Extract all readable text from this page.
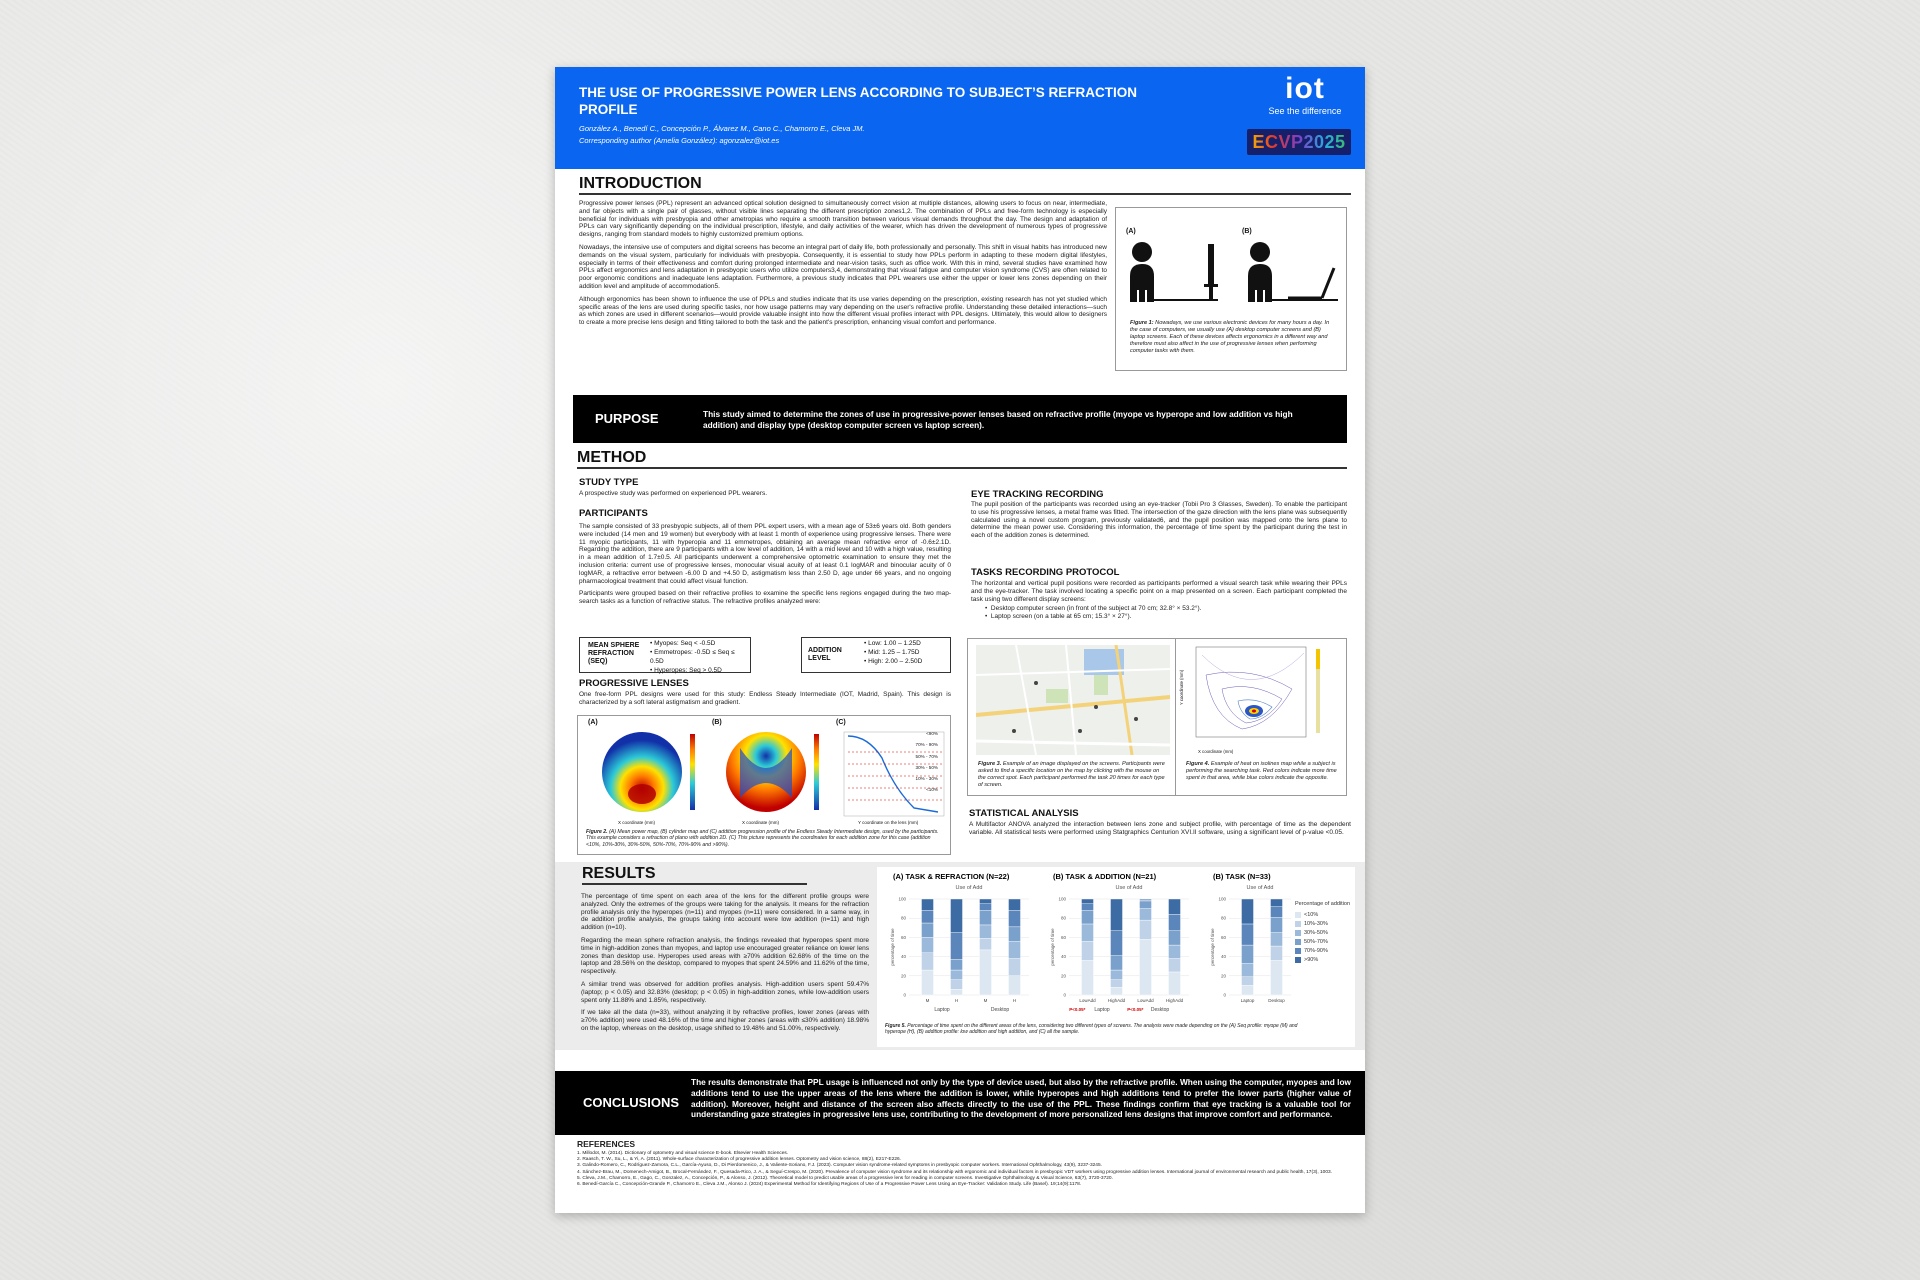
THE USE OF PROGRESSIVE POWER LENS ACCORDING TO SUBJECT’S REFRACTION PROFILE
González A., Benedí C., Concepción P., Álvarez M., Cano C., Chamorro E., Cleva JM.
Corresponding author (Amelia González): agonzalez@iot.es
iot
See the difference
ECVP2025
INTRODUCTION

Progressive power lenses (PPL) represent an advanced optical solution designed to simultaneously correct vision at multiple distances, allowing users to focus on near, intermediate, and far objects with a single pair of glasses, without visible lines separating the different prescription zones1,2. The combination of PPLs and free-form technology is especially beneficial for individuals with presbyopia and other ametropias who require a smooth transition between various visual demands throughout the day. The design and adaptation of PPLs can vary significantly depending on the individual prescription, lifestyle, and daily activities of the wearer, which has driven the development of numerous types of progressive designs, ranging from standard models to highly customized premium options.

Nowadays, the intensive use of computers and digital screens has become an integral part of daily life, both professionally and personally. This shift in visual habits has introduced new demands on the visual system, particularly for individuals with presbyopia. Consequently, it is essential to study how PPLs perform in adapting to these modern digital lifestyles, especially in terms of their effectiveness and comfort during prolonged intermediate and near-vision tasks, such as office work. With this in mind, several studies have examined how PPLs affect ergonomics and lens adaptation in presbyopic users who utilize computers3,4, demonstrating that visual fatigue and computer vision syndrome (CVS) are often related to poor ergonomic conditions and inadequate lens adaptation. Furthermore, a previous study indicates that PPL wearers use either the upper or lower lens zones depending on their addition level and amplitude of accommodation5.

Although ergonomics has been shown to influence the use of PPLs and studies indicate that its use varies depending on the prescription, existing research has not yet studied which specific areas of the lens are used during specific tasks, nor how usage patterns may vary depending on the user's refractive profile. Understanding these detailed interactions—such as which zones are used in different scenarios—would provide valuable insight into how the different visual profiles interact with PPL designs. Ultimately, this would allow to designers to create a more precise lens design and fitting tailored to both the task and the patient's prescription, enhancing visual comfort and performance.

(A)	(B)
Figure 1: Nowadays, we use various electronic devices for many hours a day. In the case of computers, we usually use (A) desktop computer screens and (B) laptop screens. Each of these devices affects ergonomics in a different way and therefore must also affect in the use of progressive lenses when performing computer tasks with them.
PURPOSE	This study aimed to determine the zones of use in progressive-power lenses based on refractive profile (myope vs hyperope and low addition vs high addition) and display type (desktop computer screen vs laptop screen).
METHOD
STUDY TYPE
A prospective study was performed on experienced PPL wearers.
PARTICIPANTS

The sample consisted of 33 presbyopic subjects, all of them PPL expert users, with a mean age of 53±6 years old. Both genders were included (14 men and 19 women) but everybody with at least 1 month of experience using progressive lenses. There were 11 myopic participants, 11 with hyperopia and 11 emmetropes, obtaining an average mean refractive error of -0.6±2.1D. Regarding the addition, there are 9 participants with a low level of addition, 14 with a mid level and 10 with a high value, resulting in a mean addition of 1.7±0.5. All participants underwent a comprehensive optometric examination to ensure they met the inclusion criteria: current use of progressive lenses, monocular visual acuity of at least 0.1 logMAR and binocular acuity of 0 logMAR, a refractive error between -6.00 D and +4.50 D, astigmatism less than 2.50 D, age under 66 years, and no ongoing pharmacological treatment that could affect visual function.

Participants were grouped based on their refractive profiles to examine the specific lens regions engaged during the two map-search tasks as a function of refractive status. The refractive profiles analyzed were:

MEAN SPHERE REFRACTION (SEQ)
• Myopes: Seq < -0.5D
• Emmetropes: -0.5D ≤ Seq ≤ 0.5D
• Hyperopes: Seq > 0.5D
ADDITION LEVEL
• Low: 1.00 – 1.25D
• Mid: 1.25 – 1.75D
• High: 2.00 – 2.50D
PROGRESSIVE LENSES
One free-form PPL designs were used for this study: Endless Steady Intermediate (IOT, Madrid, Spain). This design is characterized by a soft lateral astigmatism and gradient.
(A)	(B)	(C)
<90%
70% - 90%
50% - 70%
30% - 50%
10% - 30%
<10%
X coordinate (mm)	X coordinate (mm)	Y coordinate on the lens (mm)
Figure 2. (A) Mean power map, (B) cylinder map and (C) addition progression profile of the Endless Steady Intermediate design, used by the participants. This example considers a refraction of plano with addition 2D. (C) This picture represents the coordinates for each addition zone for this case (addition <10%, 10%-30%, 30%-50%, 50%-70%, 70%-90% and >90%).
EYE TRACKING RECORDING
The pupil position of the participants was recorded using an eye-tracker (Tobii Pro 3 Glasses, Sweden). To enable the participant to use his progressive lenses, a metal frame was fitted. The intersection of the gaze direction with the lens plane was subsequently calculated using a novel custom program, previously validated6, and the pupil position was mapped onto the lens plane to determine the mean power use. Considering this information, the percentage of time spent by the participant during the test in each of the addition zones is determined.
TASKS RECORDING PROTOCOL

The horizontal and vertical pupil positions were recorded as participants performed a visual search task while wearing their PPLs and the eye-tracker. The task involved locating a specific point on a map presented on a screen. Each participant completed the task using two different display screens:

•  Desktop computer screen (in front of the subject at 70 cm; 32.8° × 53.2°).
•  Laptop screen (on a table at 65 cm; 15.3° × 27°).
Figure 3. Example of an image displayed on the screens. Participants were asked to find a specific location on the map by clicking with the mouse on the correct spot. Each participant performed the task 20 times for each type of screen.
X coordinate (mm)
Y coordinate (mm)
Figure 4. Example of heat on isolines map while a subject is performing the searching task. Red colors indicate more time spent in that area, while blue colors indicate the opposite.
STATISTICAL ANALYSIS
A Multifactor ANOVA analyzed the interaction between lens zone and subject profile, with percentage of time as the dependent variable. All statistical tests were performed using Statgraphics Centurion XVI.II software, using a significant level of p-value <0.05.
RESULTS

The percentage of time spent on each area of the lens for the different profile groups were analyzed. Only the extremes of the groups were taking for the analysis. It means for the refraction profile analysis only the hyperopes (n=11) and myopes (n=11) were considered. In a same way, in de addition profile analysis, the groups taking into account were low addition (n=11) and high addition (n=10).

Regarding the mean sphere refraction analysis, the findings revealed that hyperopes spent more time in high-addition zones than myopes, and laptop use encouraged greater reliance on lower lens zones than desktop use. Hyperopes used areas with ≥70% addition 62.68% of the time on the laptop and 28.56% on the desktop, compared to myopes that spent 24.59% and 11.62% of the time, respectively.

A similar trend was observed for addition profiles analysis. High-addition users spent 59.47% (laptop; p < 0.05) and 32.83% (desktop; p < 0.05) in high-addition zones, while low-addition users spent only 11.88% and 1.85%, respectively.

If we take all the data (n=33), without analyzing it by refractive profiles, lower zones (areas with ≥70% addition) were used 48.16% of the time and higher zones (areas with ≤30% addition) 18.98% on the laptop, whereas on the desktop, usage shifted to 19.48% and 51.00%, respectively.

(A) TASK & REFRACTION (N=22)
Use of Add
percentage of time
0
20
40
60
80
100
M	H	M	H
Laptop	Desktop
(B) TASK & ADDITION (N=21)
Use of Add
percentage of time
0
20
40
60
80
100
LowAdd	HighAdd	LowAdd	HighAdd
Laptop	Desktop
P<0.05*	P<0.05*
(B) TASK (N=33)
Use of Add
percentage of time
0
20
40
60
80
100
Laptop	Desktop
Percentage of addition
<10%
10%-30%
30%-50%
50%-70%
70%-90%
>90%
Figure 5. Percentage of time spent on the different areas of the lens, considering two different types of screens. The analysis were made depending on the (A) Seq profile: myope (M) and hyperope (H), (B) addition profile: low addition and high addition, and (C) all the sample.
CONCLUSIONS
The results demonstrate that PPL usage is influenced not only by the type of device used, but also by the refractive profile. When using the computer, myopes and low additions tend to use the upper areas of the lens where the addition is lower, while hyperopes and high additions tend to prefer the lower parts (higher value of addition). Moreover, height and distance of the screen also affects directly to the use of the PPL. These findings confirm that eye tracking is a valuable tool for understanding gaze strategies in progressive lens use, contributing to the development of more personalized lens designs that improve comfort and performance.
REFERENCES
1. Millodot, M. (2014). Dictionary of optometry and visual science E-book. Elsevier Health Sciences.
2. Raasch, T. W., Su, L., & Yi, A. (2011). Whole-surface characterization of progressive addition lenses. Optometry and vision science, 88(2), E217-E226.
3. Galindo-Romero, C., Rodríguez-Zamora, C.L., García-Ayuso, D., Di Pierdomenico, J., & Valiente-Soriano, F.J. (2023). Computer vision syndrome-related symptoms in presbyopic computer workers. International Ophthalmology, 43(9), 3237-3245.
4. Sánchez-Brau, M., Domenech-Amigot, B., Brocal-Fernández, F., Quesada-Rico, J. A., & Seguí-Crespo, M. (2020). Prevalence of computer vision syndrome and its relationship with ergonomic and individual factors in presbyopic VDT workers using progressive addition lenses. International journal of environmental research and public health, 17(3), 1003.
5. Cleva, J.M., Chamorro, E., Gago, C., Gonzalez, A., Concepción, P., & Alonso, J. (2012). Theoretical model to predict usable areas of a progressive lens for reading in computer screens. Investigative Ophthalmology & Visual Science, 63(7), 3720-3720.
6. Benedí-García C., Concepción-Grande P., Chamorro E., Cleva J.M., Alonso J. (2024) Experimental Method for Identifying Regions of Use of a Progressive Power Lens Using an Eye-Tracker: Validation Study. Life (Basel). 19;14(9):1178.
